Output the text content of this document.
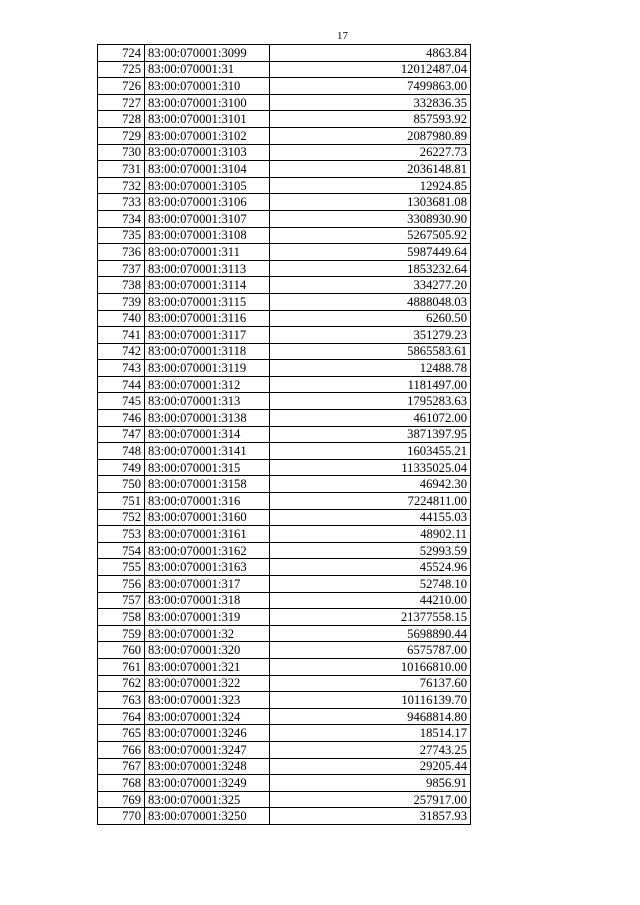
17
724	83:00:070001:3099	4863.84
725	83:00:070001:31	12012487.04
726	83:00:070001:310	7499863.00
727	83:00:070001:3100	332836.35
728	83:00:070001:3101	857593.92
729	83:00:070001:3102	2087980.89
730	83:00:070001:3103	26227.73
731	83:00:070001:3104	2036148.81
732	83:00:070001:3105	12924.85
733	83:00:070001:3106	1303681.08
734	83:00:070001:3107	3308930.90
735	83:00:070001:3108	5267505.92
736	83:00:070001:311	5987449.64
737	83:00:070001:3113	1853232.64
738	83:00:070001:3114	334277.20
739	83:00:070001:3115	4888048.03
740	83:00:070001:3116	6260.50
741	83:00:070001:3117	351279.23
742	83:00:070001:3118	5865583.61
743	83:00:070001:3119	12488.78
744	83:00:070001:312	1181497.00
745	83:00:070001:313	1795283.63
746	83:00:070001:3138	461072.00
747	83:00:070001:314	3871397.95
748	83:00:070001:3141	1603455.21
749	83:00:070001:315	11335025.04
750	83:00:070001:3158	46942.30
751	83:00:070001:316	7224811.00
752	83:00:070001:3160	44155.03
753	83:00:070001:3161	48902.11
754	83:00:070001:3162	52993.59
755	83:00:070001:3163	45524.96
756	83:00:070001:317	52748.10
757	83:00:070001:318	44210.00
758	83:00:070001:319	21377558.15
759	83:00:070001:32	5698890.44
760	83:00:070001:320	6575787.00
761	83:00:070001:321	10166810.00
762	83:00:070001:322	76137.60
763	83:00:070001:323	10116139.70
764	83:00:070001:324	9468814.80
765	83:00:070001:3246	18514.17
766	83:00:070001:3247	27743.25
767	83:00:070001:3248	29205.44
768	83:00:070001:3249	9856.91
769	83:00:070001:325	257917.00
770	83:00:070001:3250	31857.93
